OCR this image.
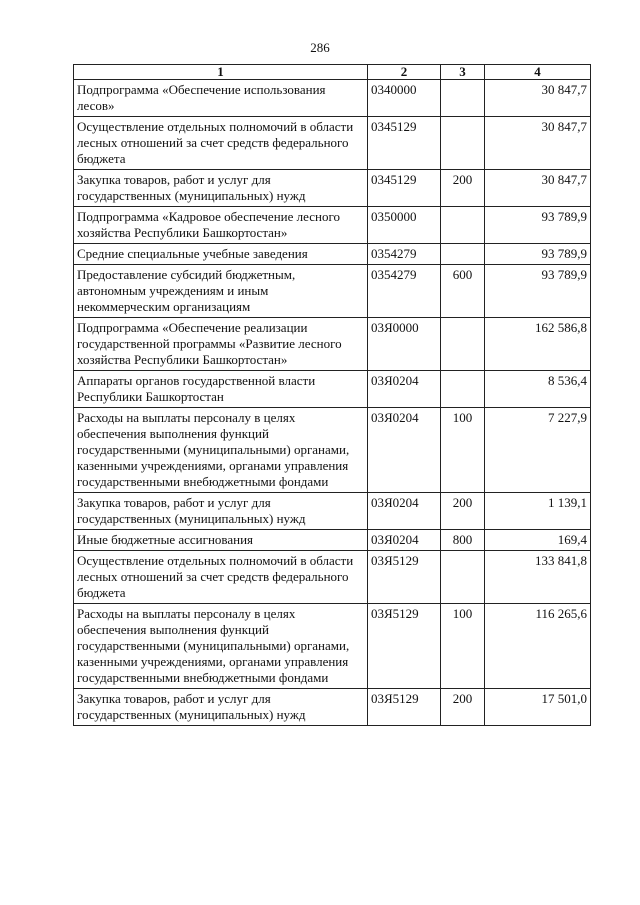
286
1	2	3	4
Подпрограмма «Обеспечение использования лесов»	0340000		30 847,7
Осуществление отдельных полномочий в области лесных отношений за счет средств федерального бюджета	0345129		30 847,7
Закупка товаров, работ и услуг для государственных (муниципальных) нужд	0345129	200	30 847,7
Подпрограмма «Кадровое обеспечение лесного хозяйства Республики Башкортостан»	0350000		93 789,9
Средние специальные учебные заведения	0354279		93 789,9
Предоставление субсидий бюджетным, автономным учреждениям и иным некоммерческим организациям	0354279	600	93 789,9
Подпрограмма «Обеспечение реализации государственной программы «Развитие лесного хозяйства Республики Башкортостан»	03Я0000		162 586,8
Аппараты органов государственной власти Республики Башкортостан	03Я0204		8 536,4
Расходы на выплаты персоналу в целях обеспечения выполнения функций государственными (муниципальными) органами, казенными учреждениями, органами управления государственными внебюджетными фондами	03Я0204	100	7 227,9
Закупка товаров, работ и услуг для государственных (муниципальных) нужд	03Я0204	200	1 139,1
Иные бюджетные ассигнования	03Я0204	800	169,4
Осуществление отдельных полномочий в области лесных отношений за счет средств федерального бюджета	03Я5129		133 841,8
Расходы на выплаты персоналу в целях обеспечения выполнения функций государственными (муниципальными) органами, казенными учреждениями, органами управления государственными внебюджетными фондами	03Я5129	100	116 265,6
Закупка товаров, работ и услуг для государственных (муниципальных) нужд	03Я5129	200	17 501,0
